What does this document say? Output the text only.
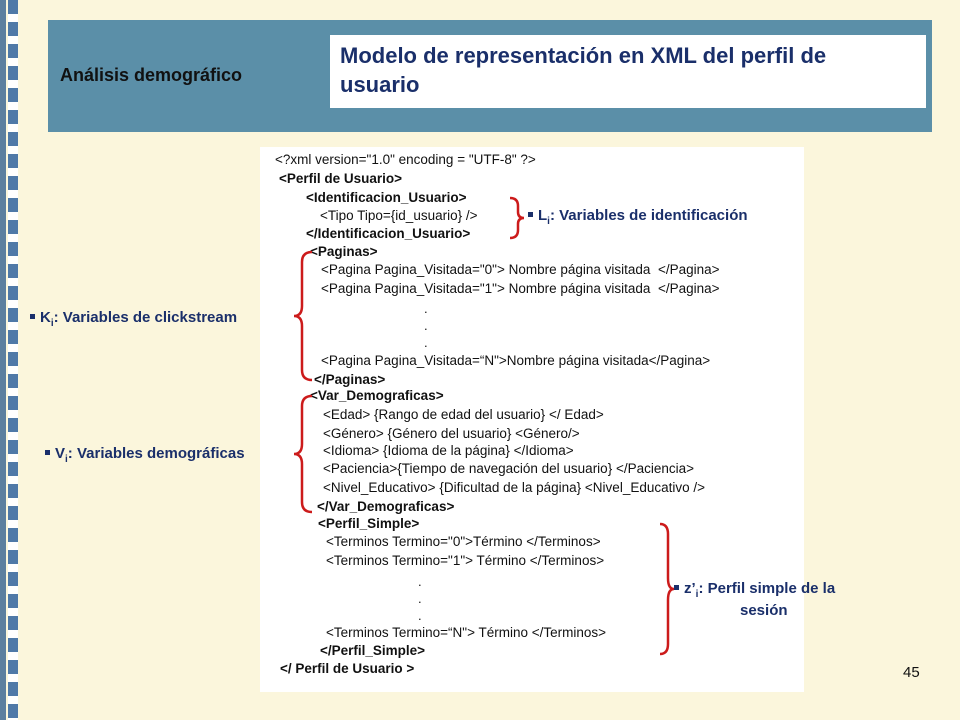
Análisis demográfico
Modelo de representación en XML del perfil de usuario
<?xml version="1.0" encoding = "UTF-8" ?>
<Perfil de Usuario>
<Identificacion_Usuario>
<Tipo Tipo={id_usuario} />
</Identificacion_Usuario>
<Paginas>
<Pagina Pagina_Visitada="0"> Nombre página visitada  </Pagina>
<Pagina Pagina_Visitada="1"> Nombre página visitada  </Pagina>
.
.
.
<Pagina Pagina_Visitada=“N">Nombre página visitada</Pagina>
</Paginas>
<Var_Demograficas>
<Edad> {Rango de edad del usuario} </ Edad>
<Género> {Género del usuario} <Género/>
<Idioma> {Idioma de la página} </Idioma>
<Paciencia>{Tiempo de navegación del usuario} </Paciencia>
<Nivel_Educativo> {Dificultad de la página} <Nivel_Educativo />
</Var_Demograficas>
<Perfil_Simple>
<Terminos Termino="0">Término </Terminos>
<Terminos Termino="1"> Término </Terminos>
.
.
.
<Terminos Termino=“N"> Término </Terminos>
</Perfil_Simple>
</ Perfil de Usuario >
$L_i$: Variables de identificación
$K_i$: Variables de clickstream
$V_i$: Variables demográficas
$z’_i$: Perfil simple de la
sesión
45
